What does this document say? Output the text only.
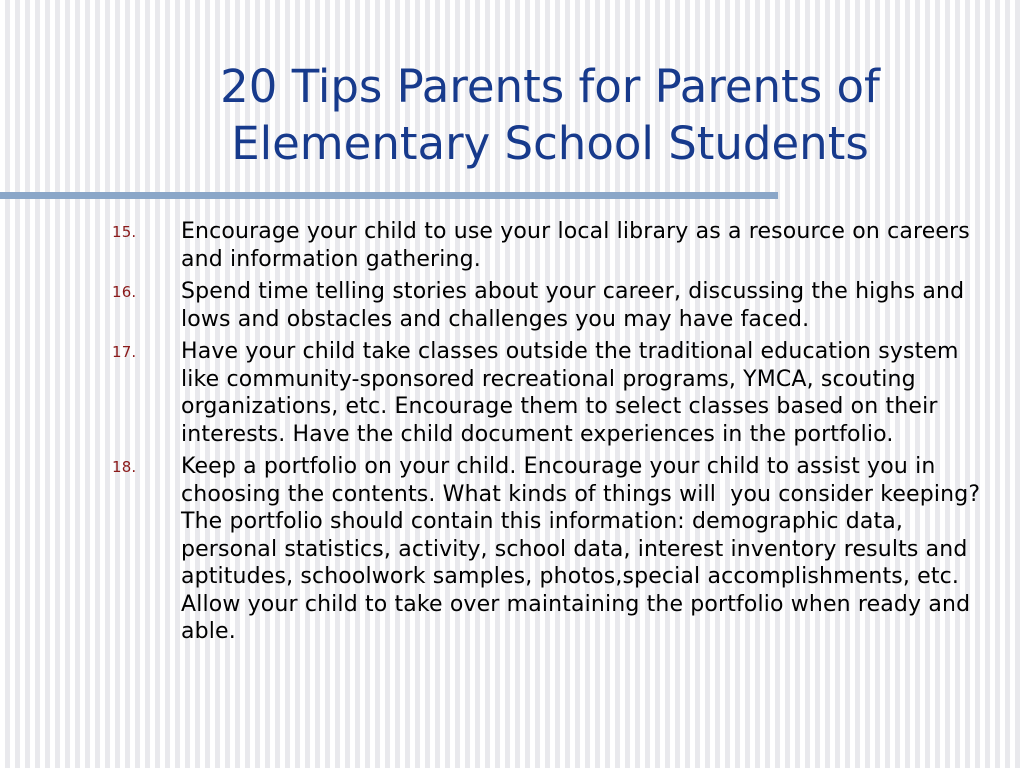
20 Tips Parents for Parents of Elementary School Students
15. Encourage your child to use your local library as a resource on careers and information gathering.
16. Spend time telling stories about your career, discussing the highs and lows and obstacles and challenges you may have faced.
17. Have your child take classes outside the traditional education system like community-sponsored recreational programs, YMCA, scouting organizations, etc. Encourage them to select classes based on their interests. Have the child document experiences in the portfolio.
18. Keep a portfolio on your child. Encourage your child to assist you in choosing the contents. What kinds of things will  you consider keeping? The portfolio should contain this information: demographic data, personal statistics, activity, school data, interest inventory results and aptitudes, schoolwork samples, photos,special accomplishments, etc. Allow your child to take over maintaining the portfolio when ready and able.
